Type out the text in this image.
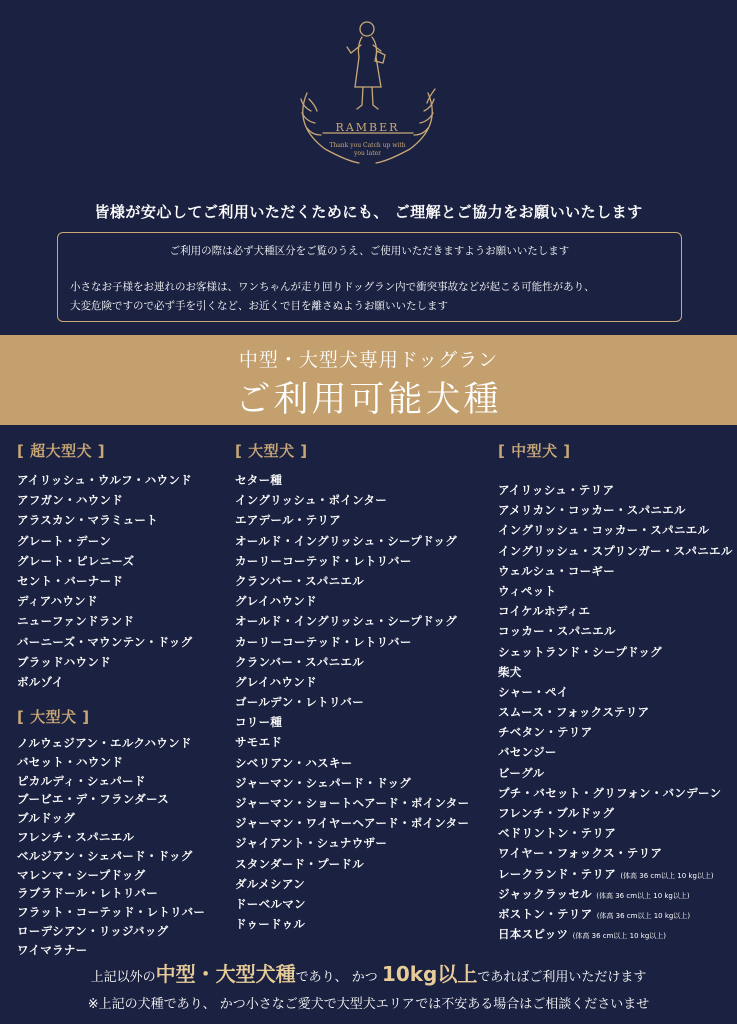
RAMBER
Thank you Catch up with you later
皆様が安心してご利用いただくためにも、 ご理解とご協力をお願いいたします
ご利用の際は必ず犬種区分をご覧のうえ、ご使用いただきますようお願いいたします
小さなお子様をお連れのお客様は、ワンちゃんが走り回りドッグラン内で衝突事故などが起こる可能性があり、
大変危険ですので必ず手を引くなど、お近くで目を離さぬようお願いいたします
中型・大型犬専用ドッグラン
ご利用可能犬種
[ 超大型犬 ]
アイリッシュ・ウルフ・ハウンド
アフガン・ハウンド
アラスカン・マラミュート
グレート・デーン
グレート・ピレニーズ
セント・バーナード
ディアハウンド
ニューファンドランド
バーニーズ・マウンテン・ドッグ
ブラッドハウンド
ボルゾイ
[ 大型犬 ]
ノルウェジアン・エルクハウンド
バセット・ハウンド
ピカルディ・シェパード
ブービエ・デ・フランダース
ブルドッグ
フレンチ・スパニエル
ベルジアン・シェパード・ドッグ
マレンマ・シープドッグ
ラブラドール・レトリバー
フラット・コーテッド・レトリバー
ローデシアン・リッジバッグ
ワイマラナー
[ 大型犬 ]
セター種
イングリッシュ・ポインター
エアデール・テリア
オールド・イングリッシュ・シープドッグ
カーリーコーテッド・レトリバー
クランバー・スパニエル
グレイハウンド
オールド・イングリッシュ・シープドッグ
カーリーコーテッド・レトリバー
クランバー・スパニエル
グレイハウンド
ゴールデン・レトリバー
コリー種
サモエド
シベリアン・ハスキー
ジャーマン・シェパード・ドッグ
ジャーマン・ショートヘアード・ポインター
ジャーマン・ワイヤーヘアード・ポインター
ジャイアント・シュナウザー
スタンダード・プードル
ダルメシアン
ドーベルマン
ドゥードゥル
[ 中型犬 ]
アイリッシュ・テリア
アメリカン・コッカー・スパニエル
イングリッシュ・コッカー・スパニエル
イングリッシュ・スプリンガー・スパニエル
ウェルシュ・コーギー
ウィペット
コイケルホディエ
コッカー・スパニエル
シェットランド・シープドッグ
柴犬
シャー・ペイ
スムース・フォックステリア
チベタン・テリア
バセンジー
ビーグル
プチ・バセット・グリフォン・バンデーン
フレンチ・ブルドッグ
ベドリントン・テリア
ワイヤー・フォックス・テリア
レークランド・テリア (体高 36 cm以上 10 kg以上)
ジャックラッセル (体高 36 cm以上 10 kg以上)
ボストン・テリア (体高 36 cm以上 10 kg以上)
日本スピッツ (体高 36 cm以上 10 kg以上)
上記以外の中型・大型犬種であり、 かつ 10kg以上であればご利用いただけます
※上記の犬種であり、 かつ小さなご愛犬で大型犬エリアでは不安ある場合はご相談くださいませ
